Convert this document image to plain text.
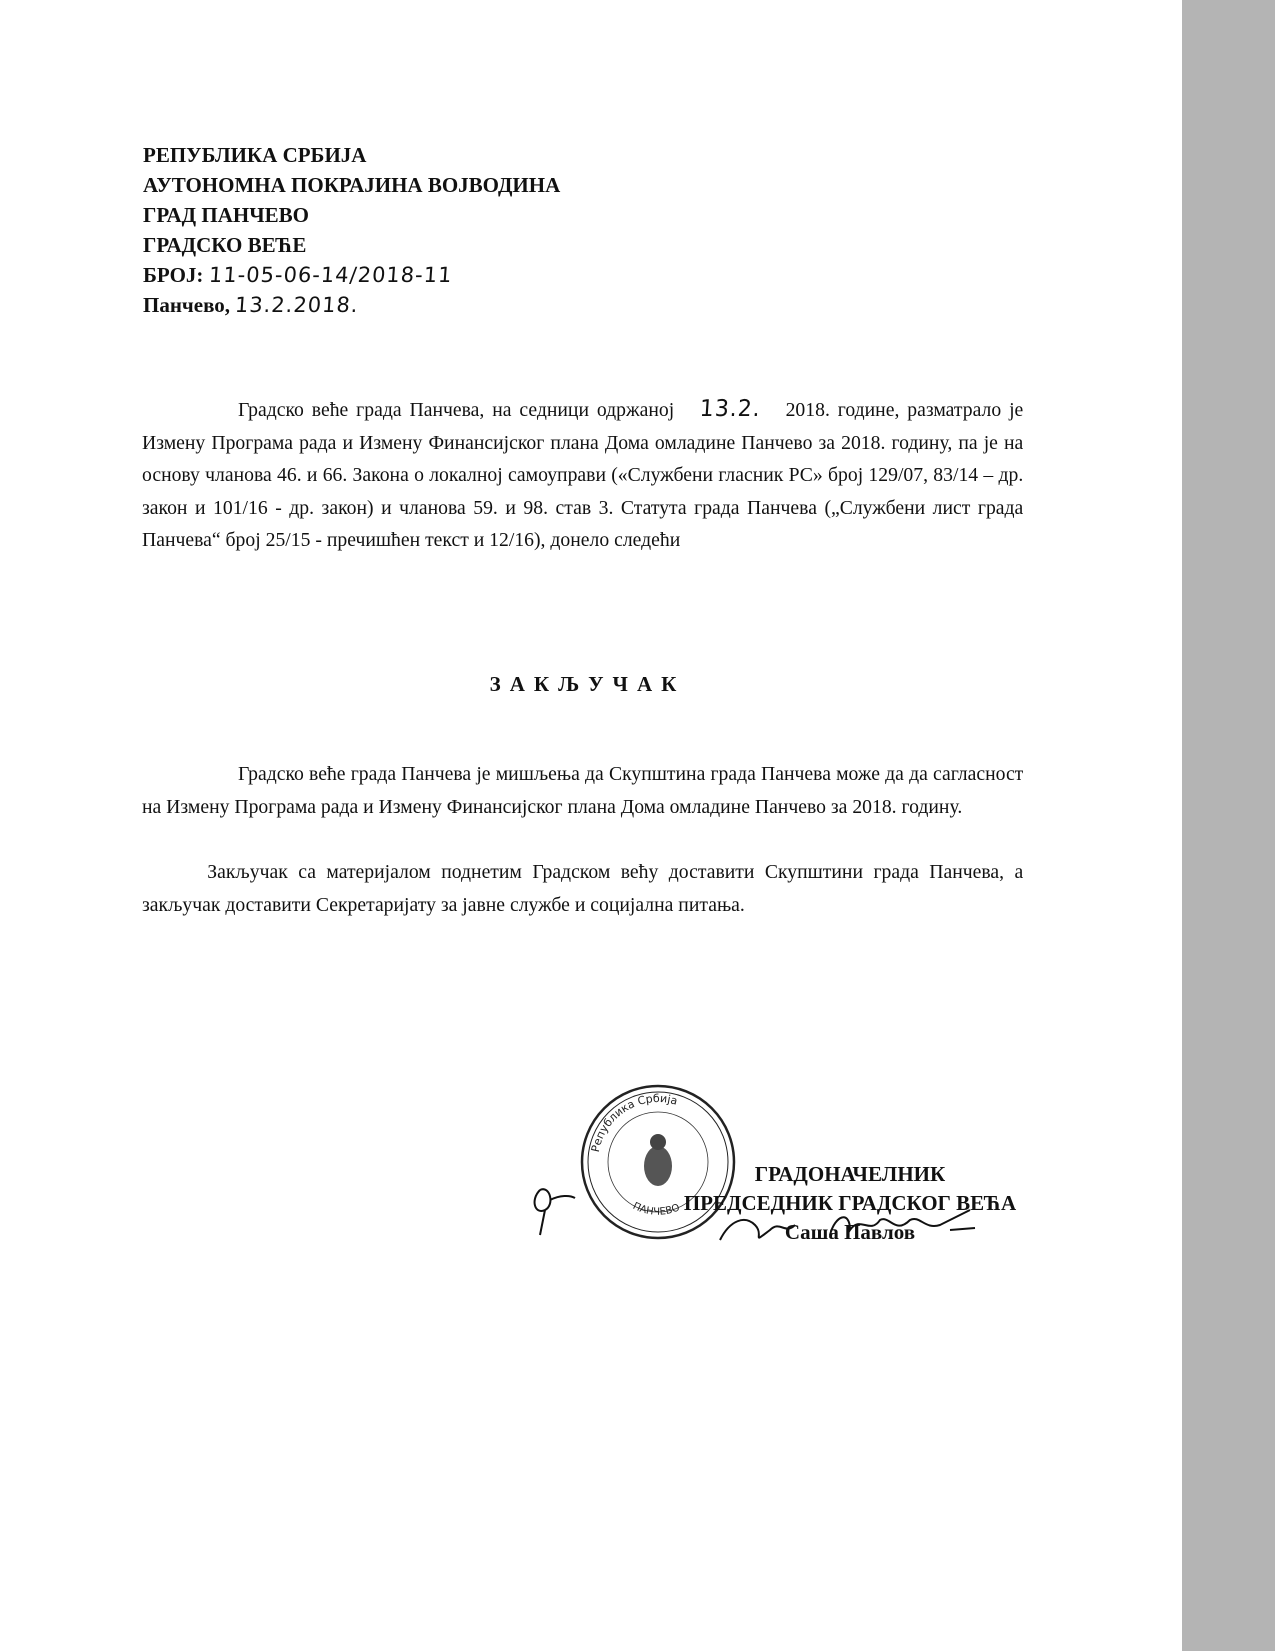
РЕПУБЛИКА СРБИЈА
АУТОНОМНА ПОКРАЈИНА ВОЈВОДИНА
ГРАД ПАНЧЕВО
ГРАДСКО ВЕЋЕ
БРОЈ: 11-05-06-14/2018-11
Панчево, 13.2.2018.
Градско веће града Панчева, на седници одржаној 13.2. 2018. године, разматрало је Измену Програма рада и Измену Финансијског плана Дома омладине Панчево за 2018. годину, па је на основу чланова 46. и 66. Закона о локалној самоуправи («Службени гласник РС» број 129/07, 83/14 – др. закон и 101/16 - др. закон) и чланова 59. и 98. став 3. Статута града Панчева („Службени лист града Панчева“ број 25/15 - пречишћен текст и 12/16), донело следећи
ЗАКЉУЧАК
Градско веће града Панчева је мишљења да Скупштина града Панчева може да да сагласност на Измену Програма рада и Измену Финансијског плана Дома омладине Панчево за 2018. годину.
Закључак са материјалом поднетим Градском већу доставити Скупштини града Панчева, а закључак доставити Секретаријату за јавне службе и социјална питања.
Република Србија
ПАНЧЕВО
ГРАДОНАЧЕЛНИК
ПРЕДСЕДНИК ГРАДСКОГ ВЕЋА
Саша Павлов
